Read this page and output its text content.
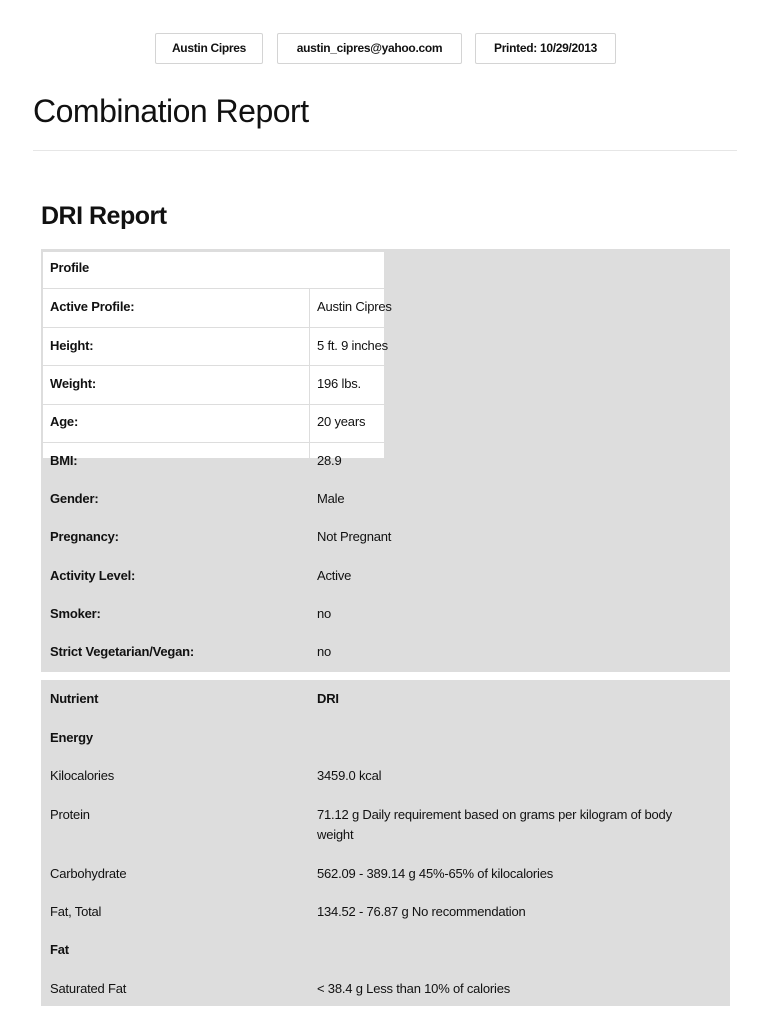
Austin Cipres	austin_cipres@yahoo.com	Printed: 10/29/2013
Combination Report
DRI Report
Profile
Active Profile:	Austin Cipres
Height:	5 ft. 9 inches
Weight:	196 lbs.
Age:	20 years
BMI:	28.9
Gender:	Male
Pregnancy:	Not Pregnant
Activity Level:	Active
Smoker:	no
Strict Vegetarian/Vegan:	no
Nutrient	DRI
Energy
Kilocalories	3459.0 kcal
Protein	71.12 g Daily requirement based on grams per kilogram of body weight
Carbohydrate	562.09 - 389.14 g 45%-65% of kilocalories
Fat, Total	134.52 - 76.87 g No recommendation
Fat
Saturated Fat	< 38.4 g Less than 10% of calories
